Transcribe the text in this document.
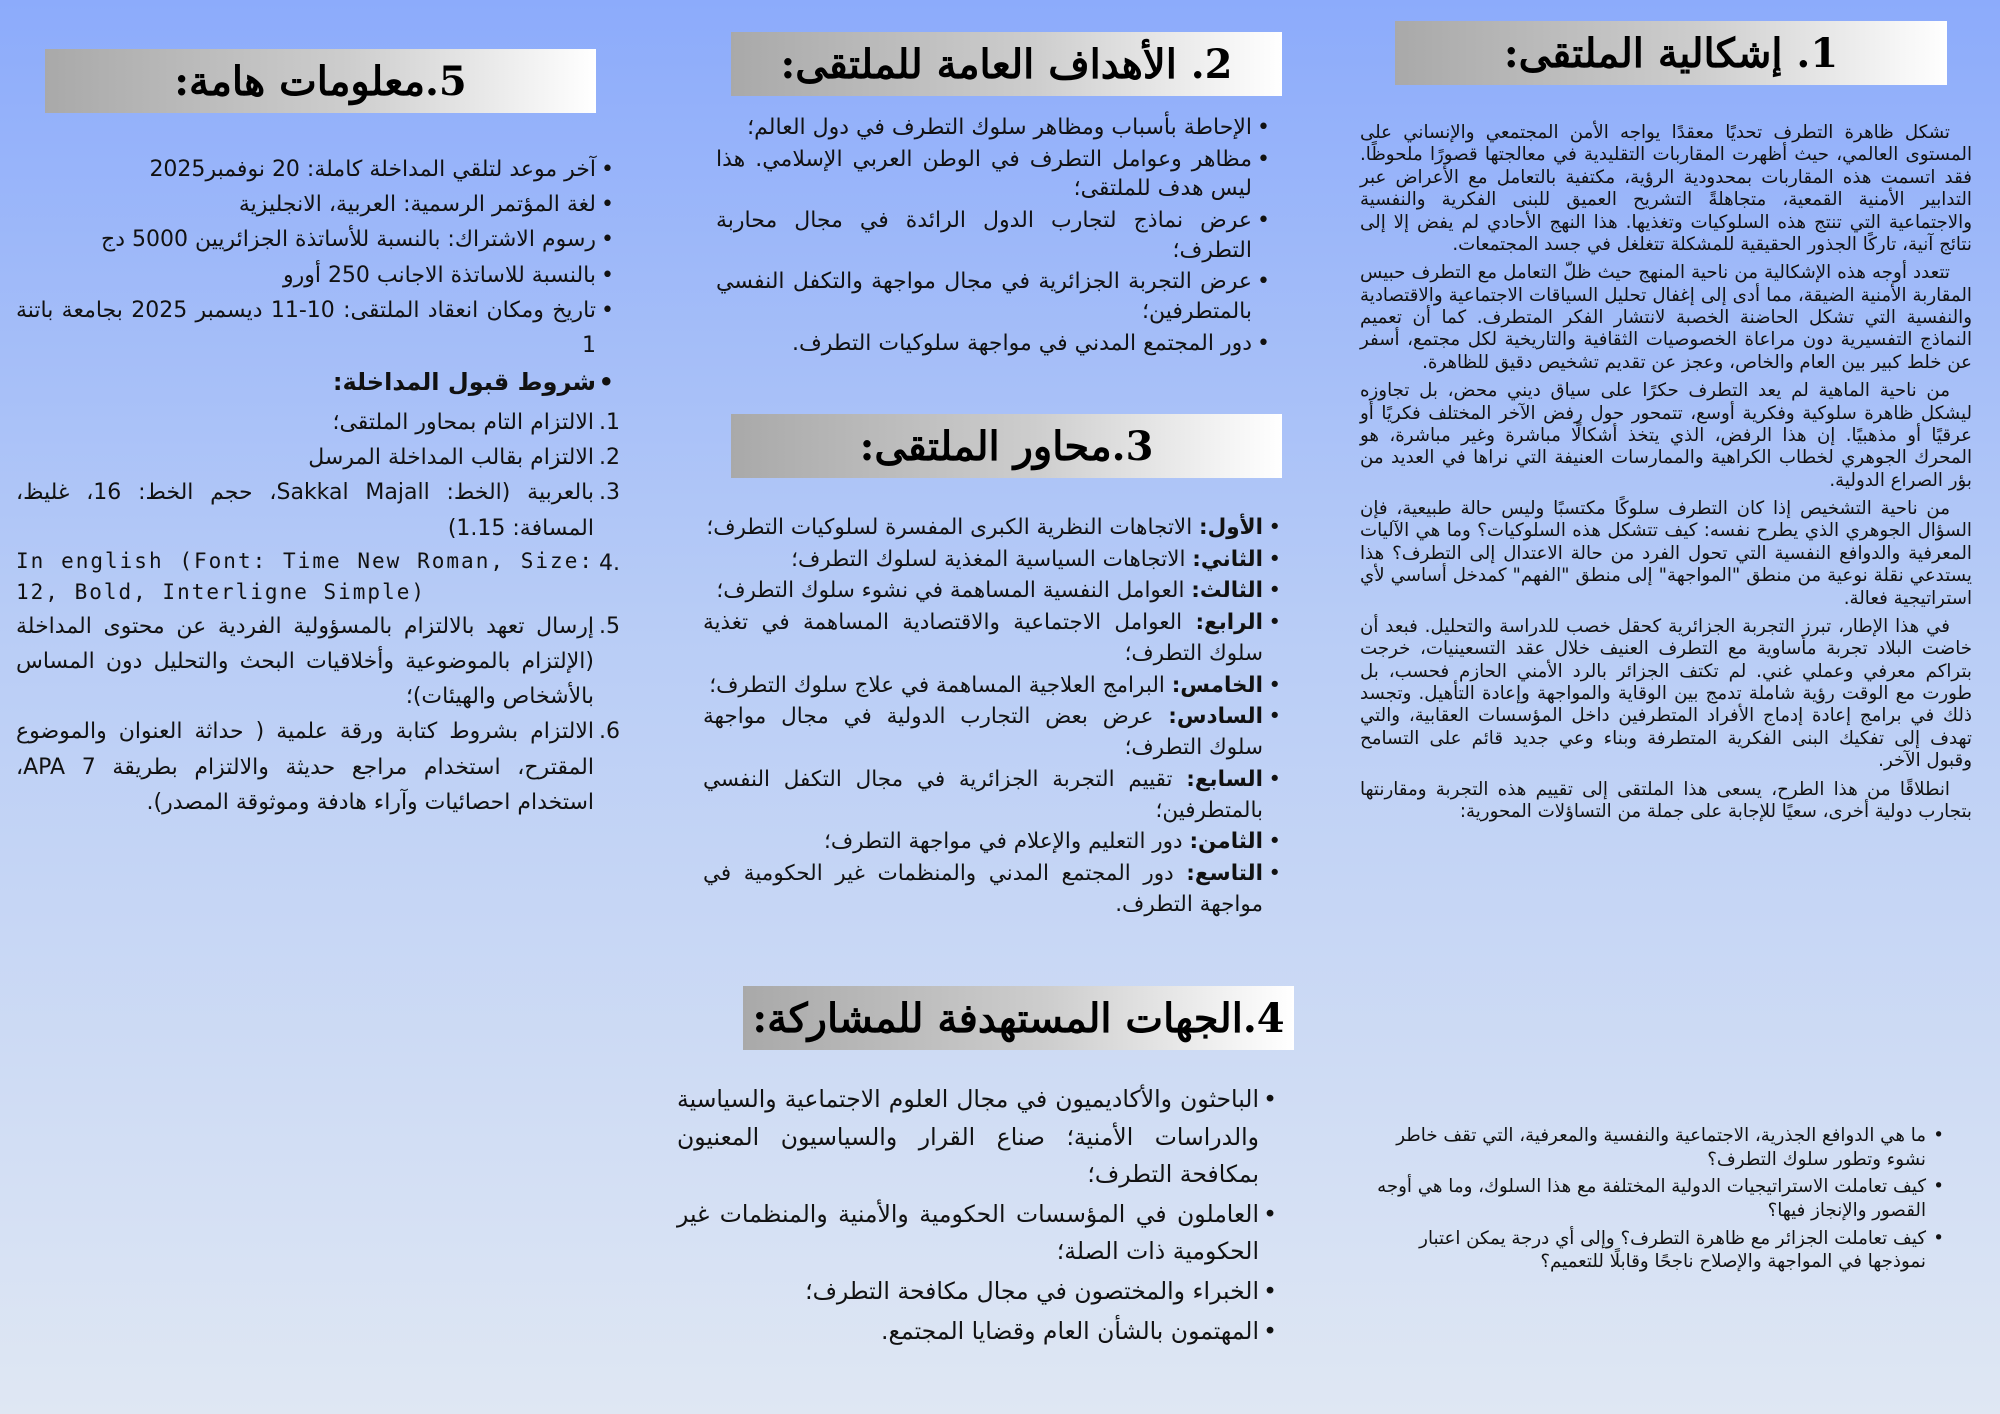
1. إشكالية الملتقى:

تشكل ظاهرة التطرف تحديًا معقدًا يواجه الأمن المجتمعي والإنساني على المستوى العالمي، حيث أظهرت المقاربات التقليدية في معالجتها قصورًا ملحوظًا. فقد اتسمت هذه المقاربات بمحدودية الرؤية، مكتفية بالتعامل مع الأعراض عبر التدابير الأمنية القمعية، متجاهلةً التشريح العميق للبنى الفكرية والنفسية والاجتماعية التي تنتج هذه السلوكيات وتغذيها. هذا النهج الأحادي لم يفض إلا إلى نتائج آنية، تاركًا الجذور الحقيقية للمشكلة تتغلغل في جسد المجتمعات.

تتعدد أوجه هذه الإشكالية من ناحية المنهج حيث ظلّ التعامل مع التطرف حبيس المقاربة الأمنية الضيقة، مما أدى إلى إغفال تحليل السياقات الاجتماعية والاقتصادية والنفسية التي تشكل الحاضنة الخصبة لانتشار الفكر المتطرف. كما أن تعميم النماذج التفسيرية دون مراعاة الخصوصيات الثقافية والتاريخية لكل مجتمع، أسفر عن خلط كبير بين العام والخاص، وعجز عن تقديم تشخيص دقيق للظاهرة.

من ناحية الماهية لم يعد التطرف حكرًا على سياق ديني محض، بل تجاوزه ليشكل ظاهرة سلوكية وفكرية أوسع، تتمحور حول رفض الآخر المختلف فكريًا أو عرقيًا أو مذهبيًا. إن هذا الرفض، الذي يتخذ أشكالًا مباشرة وغير مباشرة، هو المحرك الجوهري لخطاب الكراهية والممارسات العنيفة التي نراها في العديد من بؤر الصراع الدولية.

من ناحية التشخيص إذا كان التطرف سلوكًا مكتسبًا وليس حالة طبيعية، فإن السؤال الجوهري الذي يطرح نفسه: كيف تتشكل هذه السلوكيات؟ وما هي الآليات المعرفية والدوافع النفسية التي تحول الفرد من حالة الاعتدال إلى التطرف؟ هذا يستدعي نقلة نوعية من منطق "المواجهة" إلى منطق "الفهم" كمدخل أساسي لأي استراتيجية فعالة.

في هذا الإطار، تبرز التجربة الجزائرية كحقل خصب للدراسة والتحليل. فبعد أن خاضت البلاد تجربة مأساوية مع التطرف العنيف خلال عقد التسعينيات، خرجت بتراكم معرفي وعملي غني. لم تكتف الجزائر بالرد الأمني الحازم فحسب، بل طورت مع الوقت رؤية شاملة تدمج بين الوقاية والمواجهة وإعادة التأهيل. وتجسد ذلك في برامج إعادة إدماج الأفراد المتطرفين داخل المؤسسات العقابية، والتي تهدف إلى تفكيك البنى الفكرية المتطرفة وبناء وعي جديد قائم على التسامح وقبول الآخر.

انطلاقًا من هذا الطرح، يسعى هذا الملتقى إلى تقييم هذه التجربة ومقارنتها بتجارب دولية أخرى، سعيًا للإجابة على جملة من التساؤلات المحورية:

• ما هي الدوافع الجذرية، الاجتماعية والنفسية والمعرفية، التي تقف خاطر نشوء وتطور سلوك التطرف؟
• كيف تعاملت الاستراتيجيات الدولية المختلفة مع هذا السلوك، وما هي أوجه القصور والإنجاز فيها؟
• كيف تعاملت الجزائر مع ظاهرة التطرف؟ وإلى أي درجة يمكن اعتبار نموذجها في المواجهة والإصلاح ناجحًا وقابلًا للتعميم؟
2. الأهداف العامة للملتقى:
• الإحاطة بأسباب ومظاهر سلوك التطرف في دول العالم؛
• مظاهر وعوامل التطرف في الوطن العربي الإسلامي. هذا ليس هدف للملتقى؛
• عرض نماذج لتجارب الدول الرائدة في مجال محاربة التطرف؛
• عرض التجربة الجزائرية في مجال مواجهة والتكفل النفسي بالمتطرفين؛
• دور المجتمع المدني في مواجهة سلوكيات التطرف.
3.محاور الملتقى:
• الأول: الاتجاهات النظرية الكبرى المفسرة لسلوكيات التطرف؛
• الثاني: الاتجاهات السياسية المغذية لسلوك التطرف؛
• الثالث: العوامل النفسية المساهمة في نشوء سلوك التطرف؛
• الرابع: العوامل الاجتماعية والاقتصادية المساهمة في تغذية سلوك التطرف؛
• الخامس: البرامج العلاجية المساهمة في علاج سلوك التطرف؛
• السادس: عرض بعض التجارب الدولية في مجال مواجهة سلوك التطرف؛
• السابع: تقييم التجربة الجزائرية في مجال التكفل النفسي بالمتطرفين؛
• الثامن: دور التعليم والإعلام في مواجهة التطرف؛
• التاسع: دور المجتمع المدني والمنظمات غير الحكومية في مواجهة التطرف.
4.الجهات المستهدفة للمشاركة:
• الباحثون والأكاديميون في مجال العلوم الاجتماعية والسياسية والدراسات الأمنية؛ صناع القرار والسياسيون المعنيون بمكافحة التطرف؛
• العاملون في المؤسسات الحكومية والأمنية والمنظمات غير الحكومية ذات الصلة؛
• الخبراء والمختصون في مجال مكافحة التطرف؛
• المهتمون بالشأن العام وقضايا المجتمع.
5.معلومات هامة:
• آخر موعد لتلقي المداخلة كاملة: 20 نوفمبر2025
• لغة المؤتمر الرسمية: العربية، الانجليزية
• رسوم الاشتراك: بالنسبة للأساتذة الجزائريين 5000 دج
• بالنسبة للاساتذة الاجانب 250 أورو
• تاريخ ومكان انعقاد الملتقى: 10-11 ديسمبر 2025 بجامعة باتنة 1
• شروط قبول المداخلة:
1.
الالتزام التام بمحاور الملتقى؛
2.
الالتزام بقالب المداخلة المرسل
3.
بالعربية (الخط: Sakkal Majall، حجم الخط: 16، غليظ، المسافة: 1.15)
.4
In english (Font: Time New Roman, Size: 12, Bold, Interligne Simple)
5.
إرسال تعهد بالالتزام بالمسؤولية الفردية عن محتوى المداخلة (الإلتزام بالموضوعية وأخلاقيات البحث والتحليل دون المساس بالأشخاص والهيئات)؛
6.
الالتزام بشروط كتابة ورقة علمية ( حداثة العنوان والموضوع المقترح، استخدام مراجع حديثة والالتزام بطريقة APA 7، استخدام احصائيات وآراء هادفة وموثوقة المصدر).
